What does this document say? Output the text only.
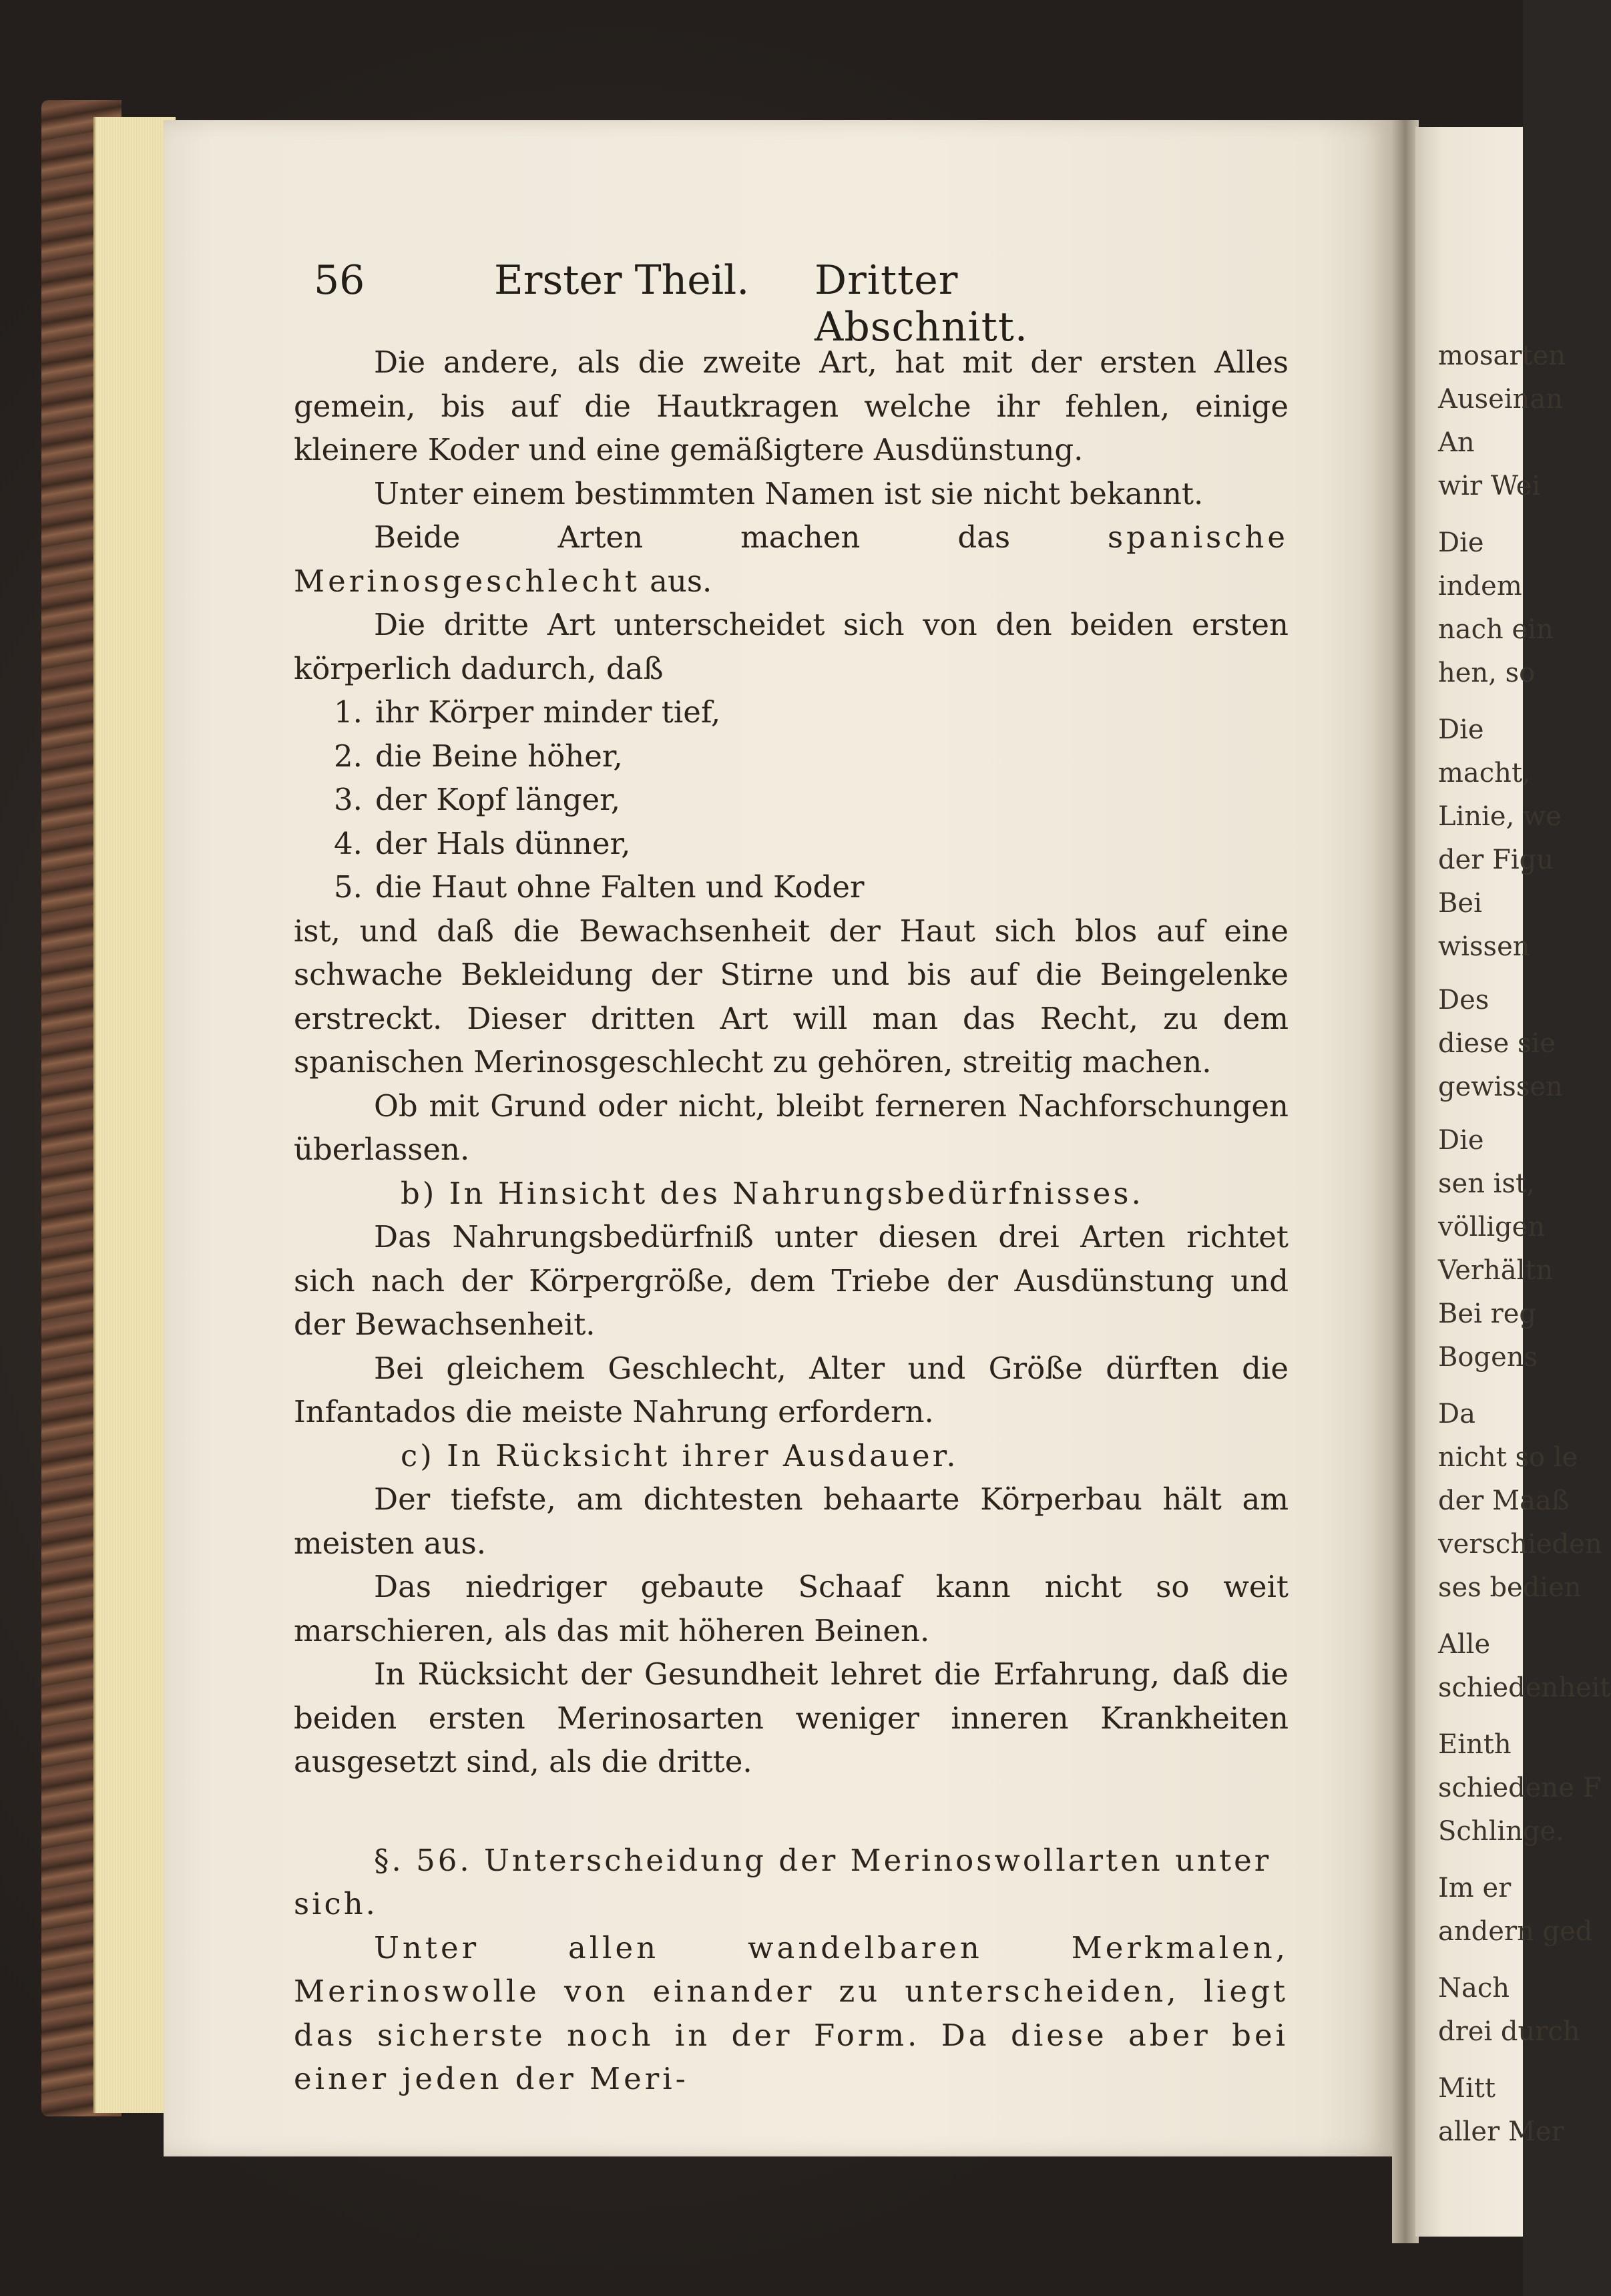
mosarten
Auseinan
An
wir Wei
Die
indem
nach ein
hen, so
Die
macht,
Linie, we
der Figu
Bei
wissen
Des
diese sie
gewissen
Die
sen ist,
völligen
Verhältn
Bei reg
Bogens
Da
nicht so le
der Maaß
verschieden
ses bedien
Alle
schiedenheit
Einth
schiedene F
Schlinge.
Im er
andern ged
Nach
drei durch
Mitt
aller Mer
56	Erster Theil. Dritter Abschnitt.

Die andere, als die zweite Art, hat mit der ersten Alles gemein, bis auf die Hautkragen welche ihr fehlen, einige kleinere Koder und eine gemäßigtere Ausdünstung.

Unter einem bestimmten Namen ist sie nicht bekannt.

Beide Arten machen das spanische Merinosgeschlecht aus.

Die dritte Art unterscheidet sich von den beiden ersten körperlich dadurch, daß

1. ihr Körper minder tief,
2. die Beine höher,
3. der Kopf länger,
4. der Hals dünner,
5. die Haut ohne Falten und Koder

ist, und daß die Bewachsenheit der Haut sich blos auf eine schwache Bekleidung der Stirne und bis auf die Beingelenke erstreckt. Dieser dritten Art will man das Recht, zu dem spanischen Merinosgeschlecht zu gehören, streitig machen.

Ob mit Grund oder nicht, bleibt ferneren Nachforschungen überlassen.

b) In Hinsicht des Nahrungsbedürfnisses.

Das Nahrungsbedürfniß unter diesen drei Arten richtet sich nach der Körpergröße, dem Triebe der Ausdünstung und der Bewachsenheit.

Bei gleichem Geschlecht, Alter und Größe dürften die Infantados die meiste Nahrung erfordern.

c) In Rücksicht ihrer Ausdauer.

Der tiefste, am dichtesten behaarte Körperbau hält am meisten aus.

Das niedriger gebaute Schaaf kann nicht so weit marschieren, als das mit höheren Beinen.

In Rücksicht der Gesundheit lehret die Erfahrung, daß die beiden ersten Merinosarten weniger inneren Krankheiten ausgesetzt sind, als die dritte.

§. 56. Unterscheidung der Merinoswollarten unter sich.

Unter allen wandelbaren Merkmalen, Merinoswolle von einander zu unterscheiden, liegt das sicherste noch in der Form. Da diese aber bei einer jeden der Meri-
